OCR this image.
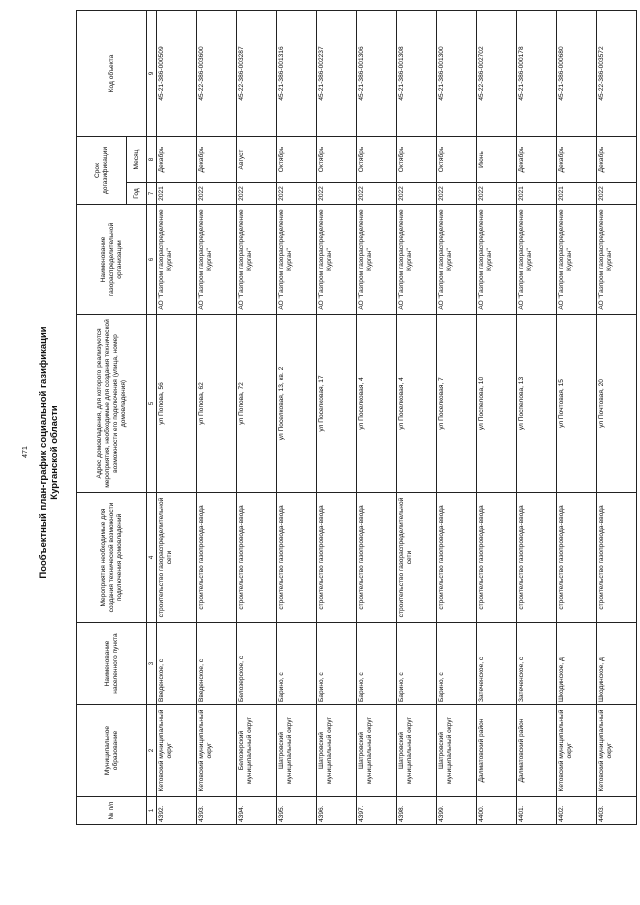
471 Пообъектный план-график социальной газификации Курганской области
№ п/п	Муниципальное образование	Наименование населенного пункта	Мероприятия необходимые для создания технической возможности подключения домовладений	Адрес домовладения, для которого реализуются мероприятия, необходимые для создания технической возможности его подключения (улица, номер домовладения)	Наименование газораспределительной организации	Срок догазификации		Код объекта
						Год	Месяц	
1	2	3	4	5	6	7	8	9
4392.	Кетовский муниципальный округ	Введенское, с	строительство газораспределительной сети	ул Попова, 56	АО "Газпром газораспределение Курган"	2021	Декабрь	45-21-386-000509
4393.	Кетовский муниципальный округ	Введенское, с	строительство газопровода-ввода	ул Попова, 62	АО "Газпром газораспределение Курган"	2022	Декабрь	45-22-386-003600
4394.	Белозерский муниципальный округ	Белозерское, с	строительство газопровода-ввода	ул Попова, 72	АО "Газпром газораспределение Курган"	2022	Август	45-22-386-003287
4395.	Шатровский муниципальный округ	Барино, с	строительство газопровода-ввода	ул Поселковая, 13, кв. 2	АО "Газпром газораспределение Курган"	2022	Октябрь	45-21-386-001316
4396.	Шатровский муниципальный округ	Барино, с	строительство газопровода-ввода	ул Поселковая, 17	АО "Газпром газораспределение Курган"	2022	Октябрь	45-21-386-002237
4397.	Шатровский муниципальный округ	Барино, с	строительство газопровода-ввода	ул Поселковая, 4	АО "Газпром газораспределение Курган"	2022	Октябрь	45-21-386-001306
4398.	Шатровский муниципальный округ	Барино, с	строительство газораспределительной сети	ул Поселковая, 4	АО "Газпром газораспределение Курган"	2022	Октябрь	45-21-386-001308
4399.	Шатровский муниципальный округ	Барино, с	строительство газопровода-ввода	ул Поселковая, 7	АО "Газпром газораспределение Курган"	2022	Октябрь	45-21-386-001300
4400.	Далматовский район	Затеченское, с	строительство газопровода-ввода	ул Поспелова, 10	АО "Газпром газораспределение Курган"	2022	Июнь	45-22-386-002702
4401.	Далматовский район	Затеченское, с	строительство газопровода-ввода	ул Поспелова, 13	АО "Газпром газораспределение Курган"	2021	Декабрь	45-21-386-000178
4402.	Кетовский муниципальный округ	Шкодинское, д	строительство газопровода-ввода	ул Почтовая, 15	АО "Газпром газораспределение Курган"	2021	Декабрь	45-21-386-000680
4403.	Кетовский муниципальный округ	Шкодинское, д	строительство газопровода-ввода	ул Почтовая, 20	АО "Газпром газораспределение Курган"	2022	Декабрь	45-22-386-003572
